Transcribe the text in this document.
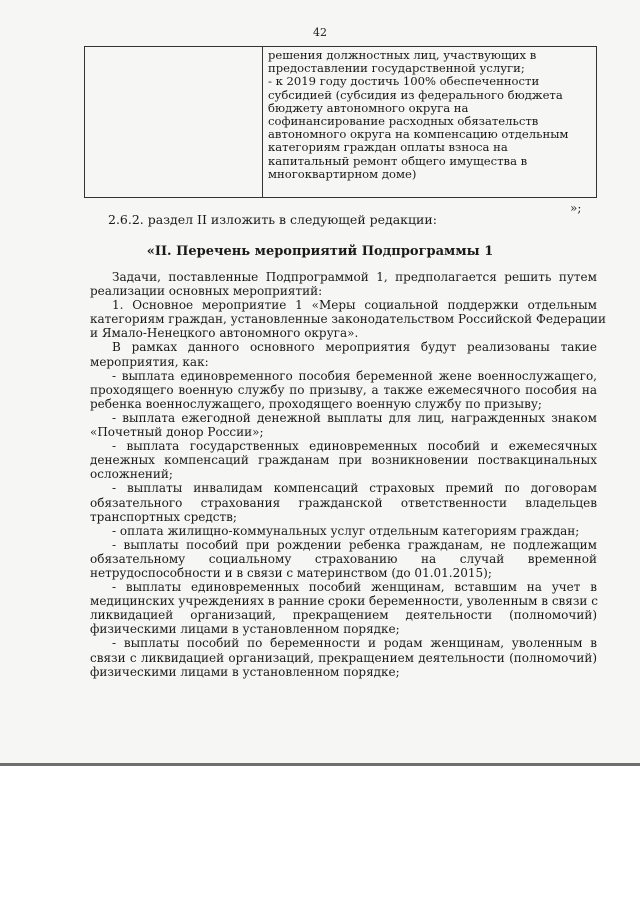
42
решения должностных лиц, участвующих в
предоставлении государственной услуги;
- к 2019 году достичь 100% обеспеченности
субсидией (субсидия из федерального бюджета
бюджету автономного округа на
софинансирование расходных обязательств
автономного округа на компенсацию отдельным
категориям граждан оплаты взноса на
капитальный ремонт общего имущества в
многоквартирном доме)
»;
2.6.2. раздел II изложить в следующей редакции:
«II. Перечень мероприятий Подпрограммы 1
Задачи, поставленные Подпрограммой 1, предполагается решить путем
реализации основных мероприятий:
1. Основное мероприятие 1 «Меры социальной поддержки отдельным
категориям граждан, установленные законодательством Российской Федерации
и Ямало-Ненецкого автономного округа».
В рамках данного основного мероприятия будут реализованы такие
мероприятия, как:
- выплата единовременного пособия беременной жене военнослужащего,
проходящего военную службу по призыву, а также ежемесячного пособия на
ребенка военнослужащего, проходящего военную службу по призыву;
- выплата ежегодной денежной выплаты для лиц, награжденных знаком
«Почетный донор России»;
- выплата государственных единовременных пособий и ежемесячных
денежных компенсаций гражданам при возникновении поствакцинальных
осложнений;
- выплаты инвалидам компенсаций страховых премий по договорам
обязательного страхования гражданской ответственности владельцев
транспортных средств;
- оплата жилищно-коммунальных услуг отдельным категориям граждан;
- выплаты пособий при рождении ребенка гражданам, не подлежащим
обязательному социальному страхованию на случай временной
нетрудоспособности и в связи с материнством (до 01.01.2015);
- выплаты единовременных пособий женщинам, вставшим на учет в
медицинских учреждениях в ранние сроки беременности, уволенным в связи с
ликвидацией организаций, прекращением деятельности (полномочий)
физическими лицами в установленном порядке;
- выплаты пособий по беременности и родам женщинам, уволенным в
связи с ликвидацией организаций, прекращением деятельности (полномочий)
физическими лицами в установленном порядке;
